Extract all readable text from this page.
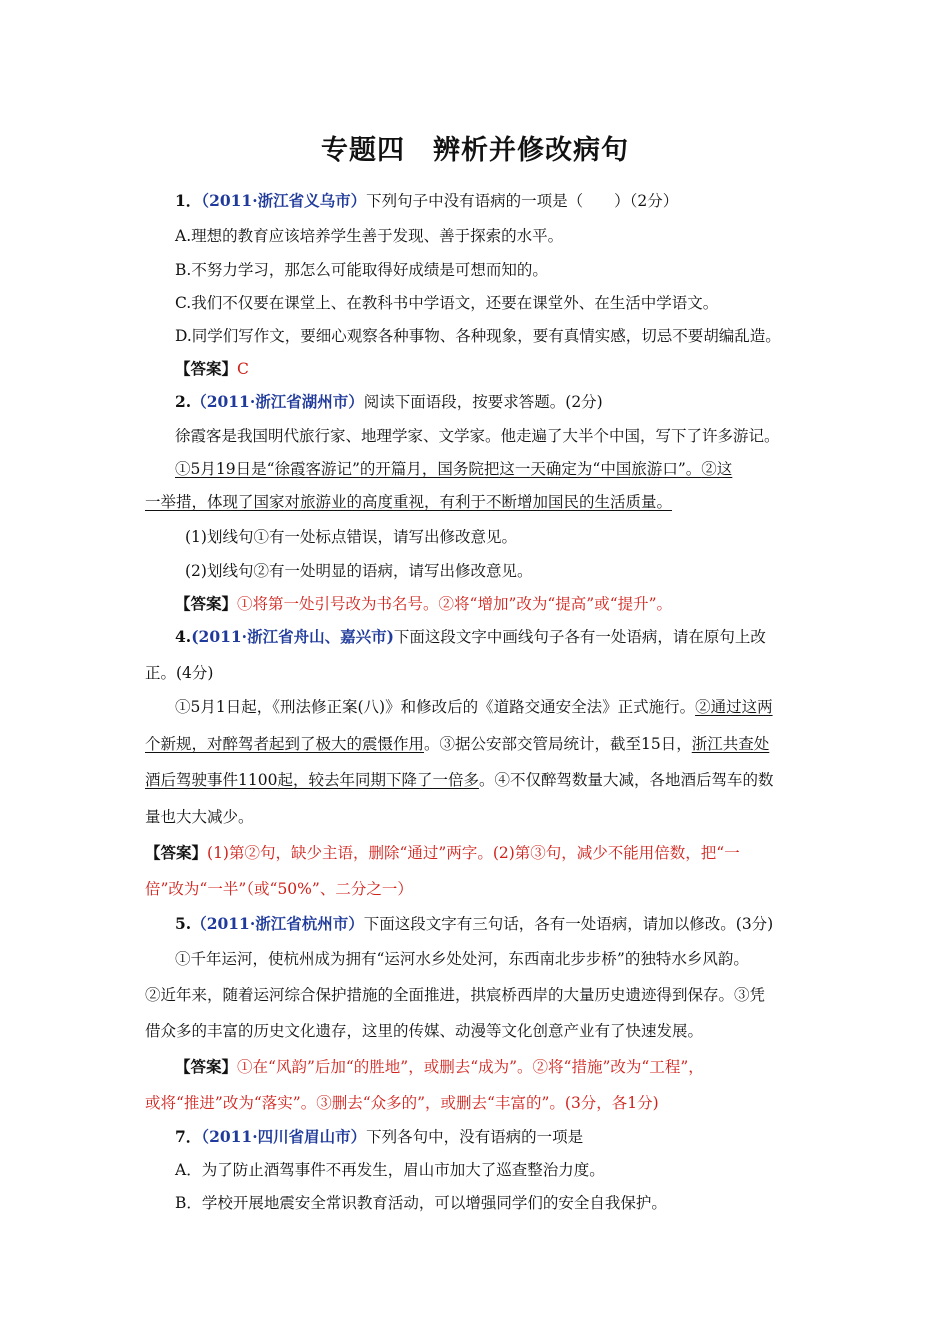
专题四　辨析并修改病句
1．（2011·浙江省义乌市）下列句子中没有语病的一项是（　　）（2分）
A.理想的教育应该培养学生善于发现、善于探索的水平。
B.不努力学习，那怎么可能取得好成绩是可想而知的。
C.我们不仅要在课堂上、在教科书中学语文，还要在课堂外、在生活中学语文。
D.同学们写作文，要细心观察各种事物、各种现象，要有真情实感，切忌不要胡编乱造。
【答案】C
2.（2011·浙江省湖州市）阅读下面语段，按要求答题。(2分)
徐霞客是我国明代旅行家、地理学家、文学家。他走遍了大半个中国，写下了许多游记。
①5月19日是“徐霞客游记”的开篇月，国务院把这一天确定为“中国旅游口”。②这
一举措，体现了国家对旅游业的高度重视，有利于不断增加国民的生活质量。
(1)划线句①有一处标点错误，请写出修改意见。
(2)划线句②有一处明显的语病，请写出修改意见。
【答案】①将第一处引号改为书名号。②将“增加”改为“提高”或“提升”。
4.(2011·浙江省舟山、嘉兴市)下面这段文字中画线句子各有一处语病，请在原句上改
正。(4分)
①5月1日起，《刑法修正案(八)》和修改后的《道路交通安全法》正式施行。②通过这两
个新规，对醉驾者起到了极大的震慑作用。③据公安部交管局统计，截至15日，浙江共查处
酒后驾驶事件1100起，较去年同期下降了一倍多。④不仅醉驾数量大减，各地酒后驾车的数
量也大大减少。
【答案】(1)第②句，缺少主语，删除“通过”两字。(2)第③句，减少不能用倍数，把“一
倍”改为“一半”（或“50%”、二分之一）
5.（2011·浙江省杭州市）下面这段文字有三句话，各有一处语病，请加以修改。(3分)
①千年运河，使杭州成为拥有“运河水乡处处河，东西南北步步桥”的独特水乡风韵。
②近年来，随着运河综合保护措施的全面推进，拱宸桥西岸的大量历史遗迹得到保存。③凭
借众多的丰富的历史文化遗存，这里的传媒、动漫等文化创意产业有了快速发展。
【答案】①在“风韵”后加“的胜地”，或删去“成为”。②将“措施”改为“工程”，
或将“推进”改为“落实”。③删去“众多的”，或删去“丰富的”。(3分，各1分)
7．（2011·四川省眉山市）下列各句中，没有语病的一项是
A．为了防止酒驾事件不再发生，眉山市加大了巡查整治力度。
B．学校开展地震安全常识教育活动，可以增强同学们的安全自我保护。
